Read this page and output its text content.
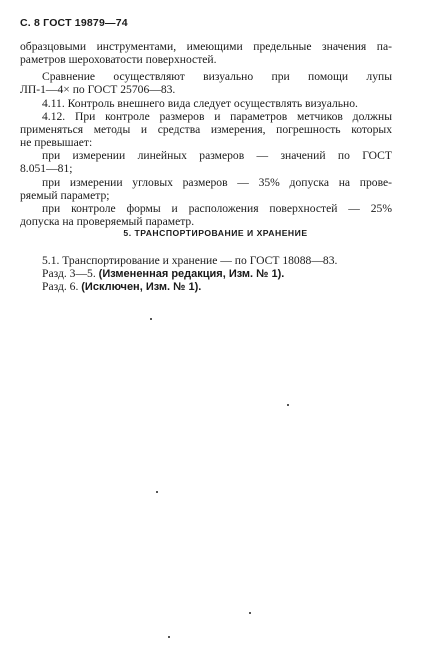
С. 8 ГОСТ 19879—74
образцовыми инструментами, имеющими предельные значения па-
раметров шероховатости поверхностей.
Сравнение осуществляют визуально при помощи лупы
ЛП-1—4× по ГОСТ 25706—83.
4.11. Контроль внешнего вида следует осуществлять визуально.
4.12. При контроле размеров и параметров метчиков должны
применяться методы и средства измерения, погрешность которых
не превышает:
при измерении линейных размеров — значений по ГОСТ
8.051—81;
при измерении угловых размеров — 35% допуска на прове-
ряемый параметр;
при контроле формы и расположения поверхностей — 25%
допуска на проверяемый параметр.
5. ТРАНСПОРТИРОВАНИЕ И ХРАНЕНИЕ
5.1. Транспортирование и хранение — по ГОСТ 18088—83.
Разд. 3—5. (Измененная редакция, Изм. № 1).
Разд. 6. (Исключен, Изм. № 1).
